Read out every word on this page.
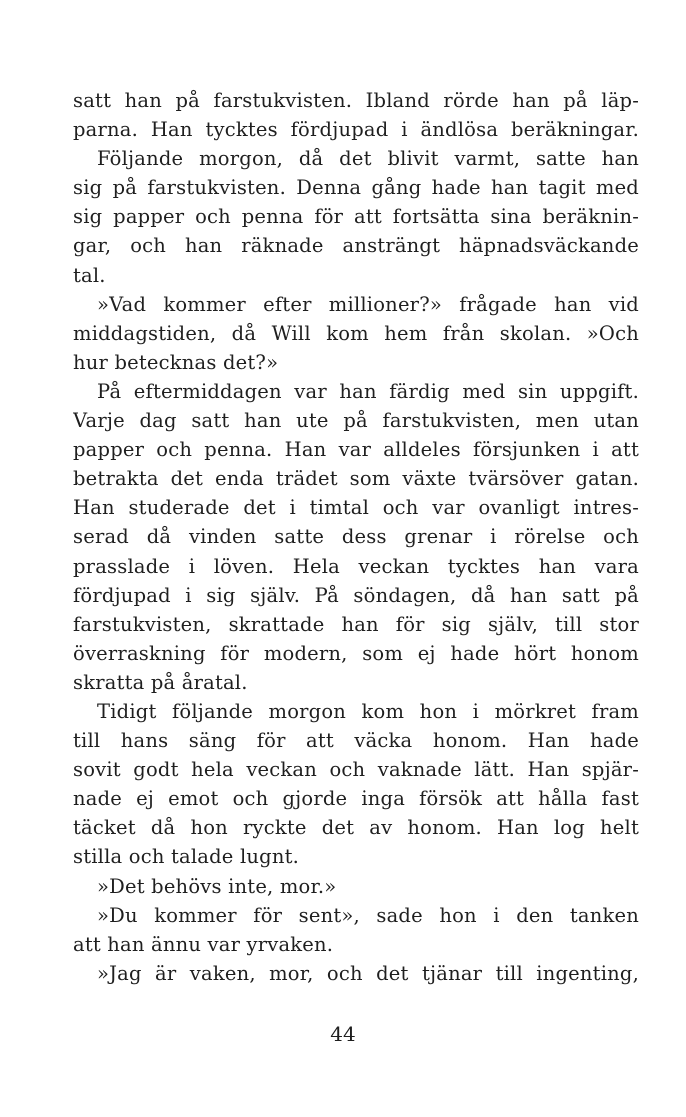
satt han på farstukvisten. Ibland rörde han på läp-
parna. Han tycktes fördjupad i ändlösa beräkningar.
Följande morgon, då det blivit varmt, satte han
sig på farstukvisten. Denna gång hade han tagit med
sig papper och penna för att fortsätta sina beräknin-
gar, och han räknade ansträngt häpnadsväckande
tal.
»Vad kommer efter millioner?» frågade han vid
middagstiden, då Will kom hem från skolan. »Och
hur betecknas det?»
På eftermiddagen var han färdig med sin uppgift.
Varje dag satt han ute på farstukvisten, men utan
papper och penna. Han var alldeles försjunken i att
betrakta det enda trädet som växte tvärsöver gatan.
Han studerade det i timtal och var ovanligt intres-
serad då vinden satte dess grenar i rörelse och
prasslade i löven. Hela veckan tycktes han vara
fördjupad i sig själv. På söndagen, då han satt på
farstukvisten, skrattade han för sig själv, till stor
överraskning för modern, som ej hade hört honom
skratta på åratal.
Tidigt följande morgon kom hon i mörkret fram
till hans säng för att väcka honom. Han hade
sovit godt hela veckan och vaknade lätt. Han spjär-
nade ej emot och gjorde inga försök att hålla fast
täcket då hon ryckte det av honom. Han log helt
stilla och talade lugnt.
»Det behövs inte, mor.»
»Du kommer för sent», sade hon i den tanken
att han ännu var yrvaken.
»Jag är vaken, mor, och det tjänar till ingenting,
44
